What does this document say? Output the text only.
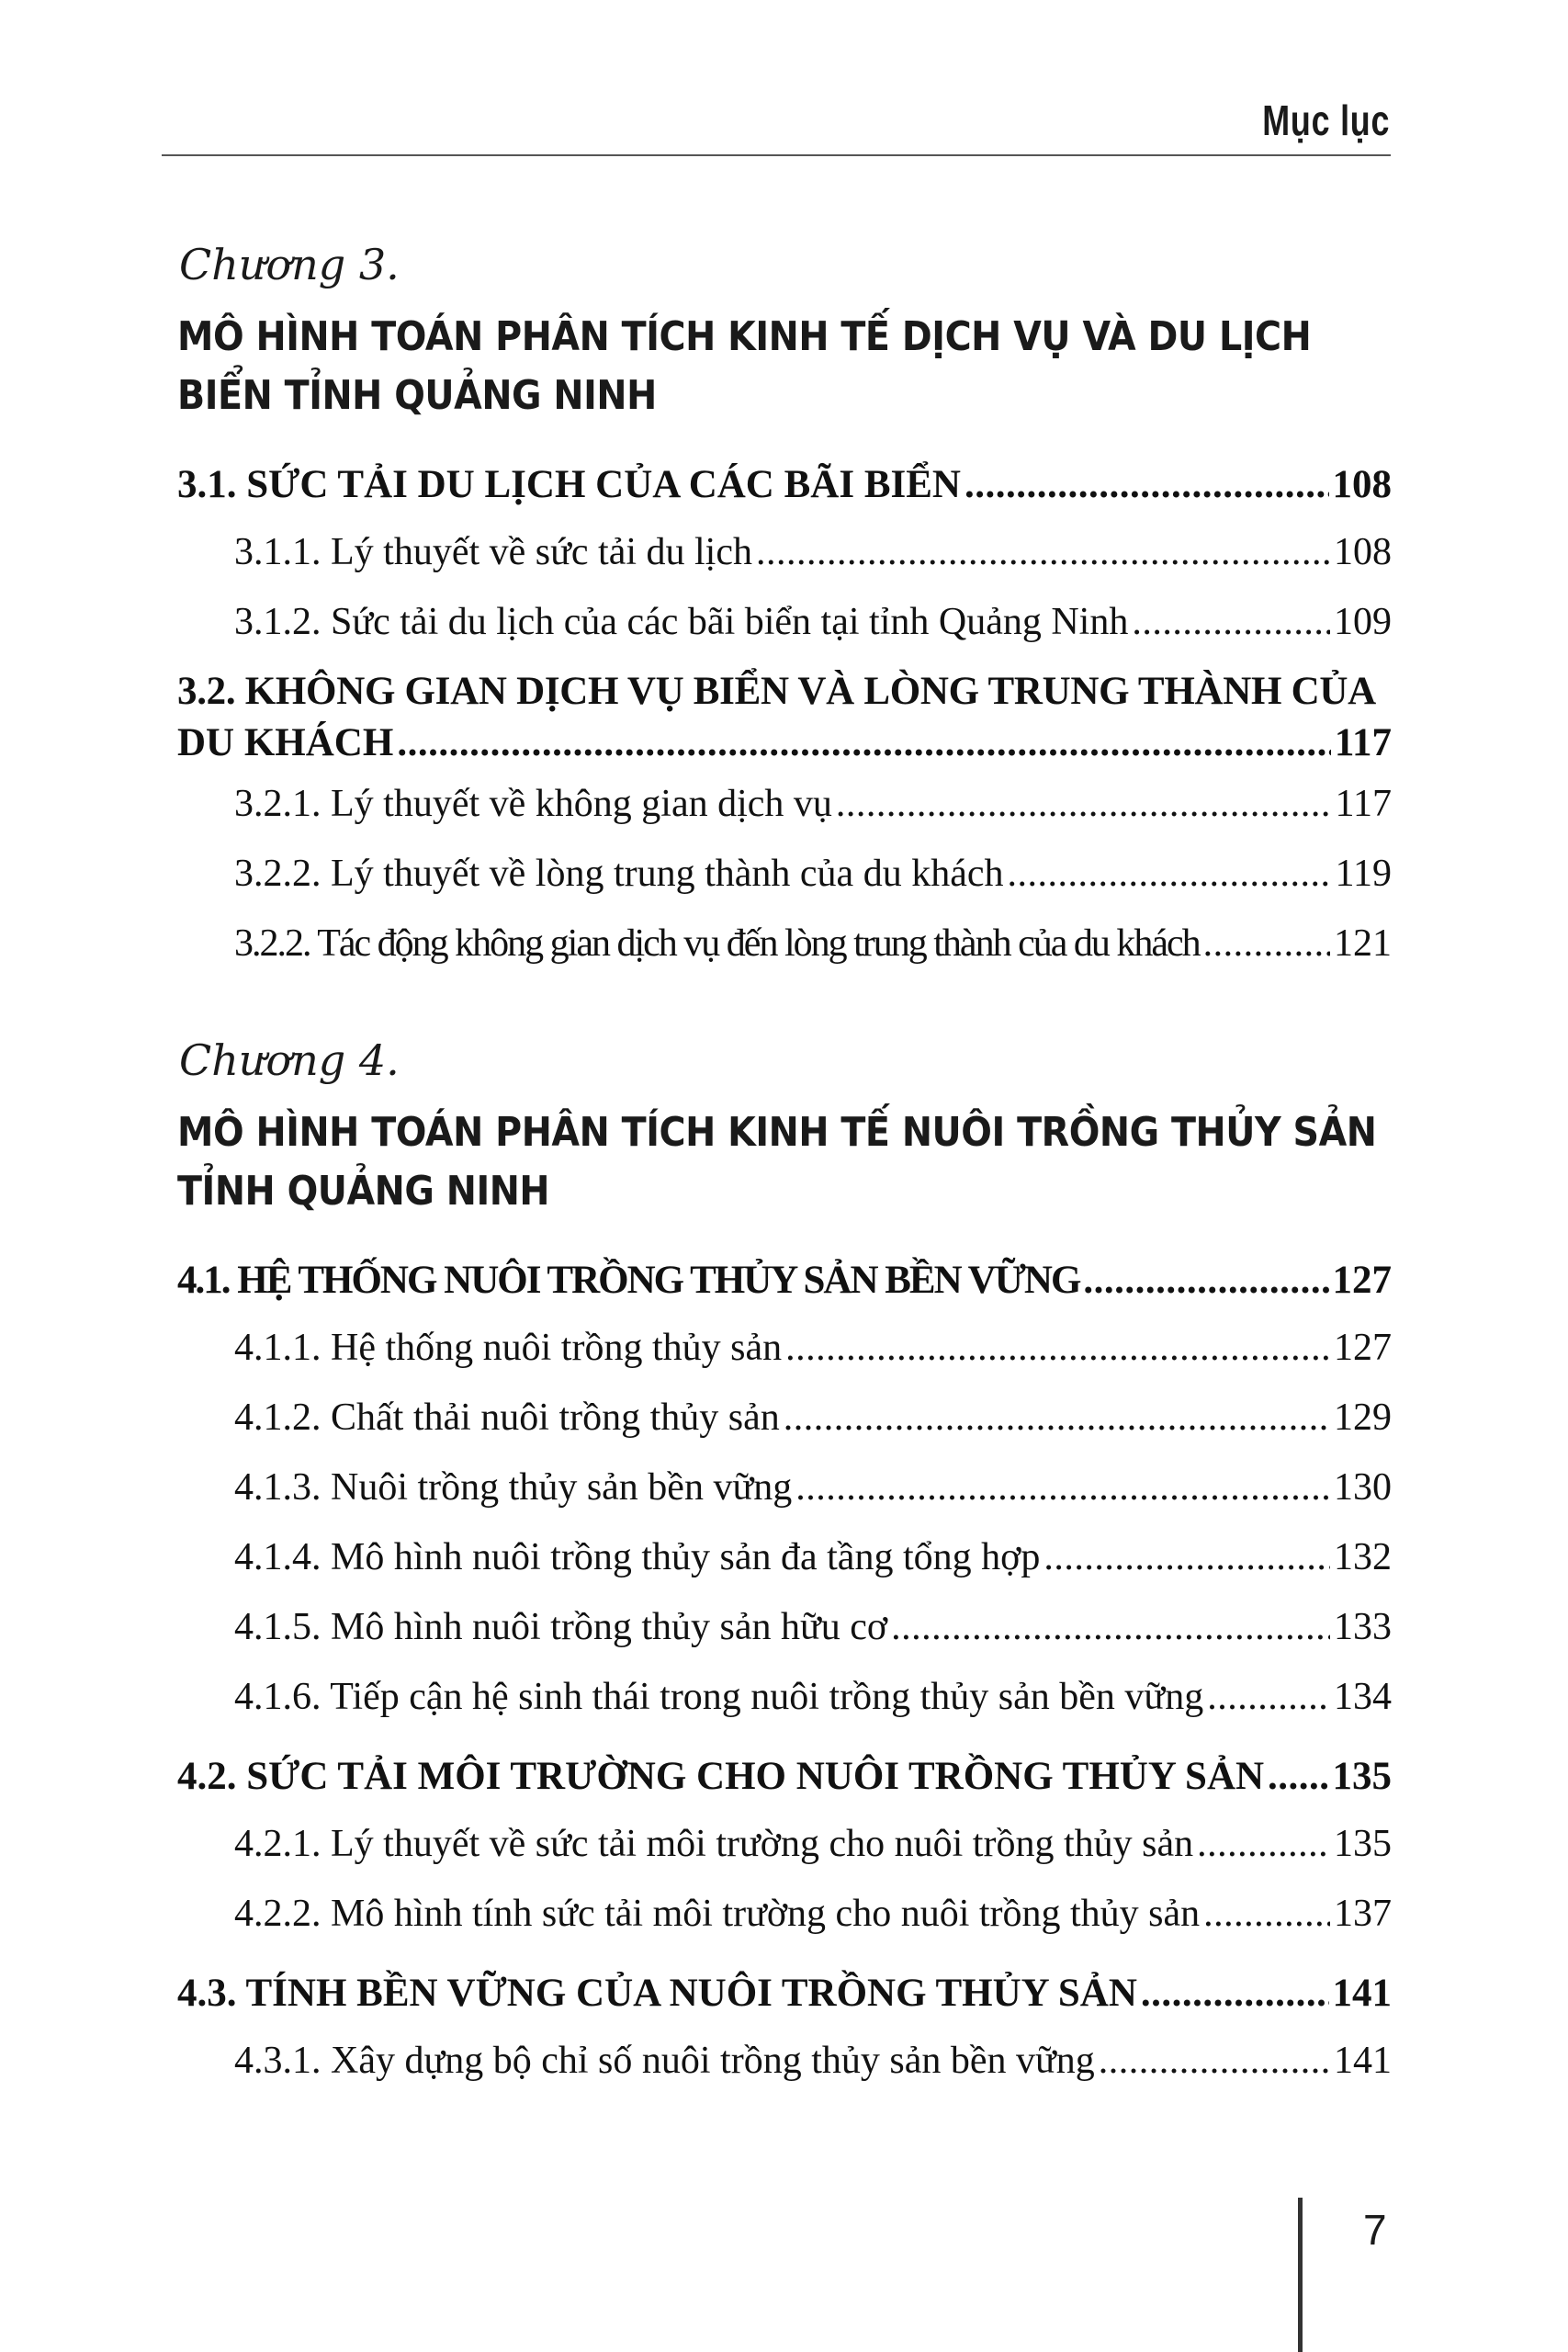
Mục lục
Chương 3.
MÔ HÌNH TOÁN PHÂN TÍCH KINH TẾ DỊCH VỤ VÀ DU LỊCH BIỂN TỈNH QUẢNG NINH
3.1. SỨC TẢI DU LỊCH CỦA CÁC BÃI BIỂN .....	108
3.1.1. Lý thuyết về sức tải du lịch .....	108
3.1.2. Sức tải du lịch của các bãi biển tại tỉnh Quảng Ninh .....	109
3.2. KHÔNG GIAN DỊCH VỤ BIỂN VÀ LÒNG TRUNG THÀNH CỦA
DU KHÁCH .....	117
3.2.1. Lý thuyết về không gian dịch vụ .....	117
3.2.2. Lý thuyết về lòng trung thành của du khách .....	119
3.2.2. Tác động không gian dịch vụ đến lòng trung thành của du khách .....	121
Chương 4.
MÔ HÌNH TOÁN PHÂN TÍCH KINH TẾ NUÔI TRỒNG THỦY SẢN TỈNH QUẢNG NINH
4.1. HỆ THỐNG NUÔI TRỒNG THỦY SẢN BỀN VỮNG .....	127
4.1.1. Hệ thống nuôi trồng thủy sản .....	127
4.1.2. Chất thải nuôi trồng thủy sản .....	129
4.1.3. Nuôi trồng thủy sản bền vững .....	130
4.1.4. Mô hình nuôi trồng thủy sản đa tầng tổng hợp .....	132
4.1.5. Mô hình nuôi trồng thủy sản hữu cơ .....	133
4.1.6. Tiếp cận hệ sinh thái trong nuôi trồng thủy sản bền vững .....	134
4.2. SỨC TẢI MÔI TRƯỜNG CHO NUÔI TRỒNG THỦY SẢN ..... 135
4.2.1. Lý thuyết về sức tải môi trường cho nuôi trồng thủy sản .....	135
4.2.2. Mô hình tính sức tải môi trường cho nuôi trồng thủy sản .....	137
4.3. TÍNH BỀN VỮNG CỦA NUÔI TRỒNG THỦY SẢN .....	141
4.3.1. Xây dựng bộ chỉ số nuôi trồng thủy sản bền vững .....	141
7
